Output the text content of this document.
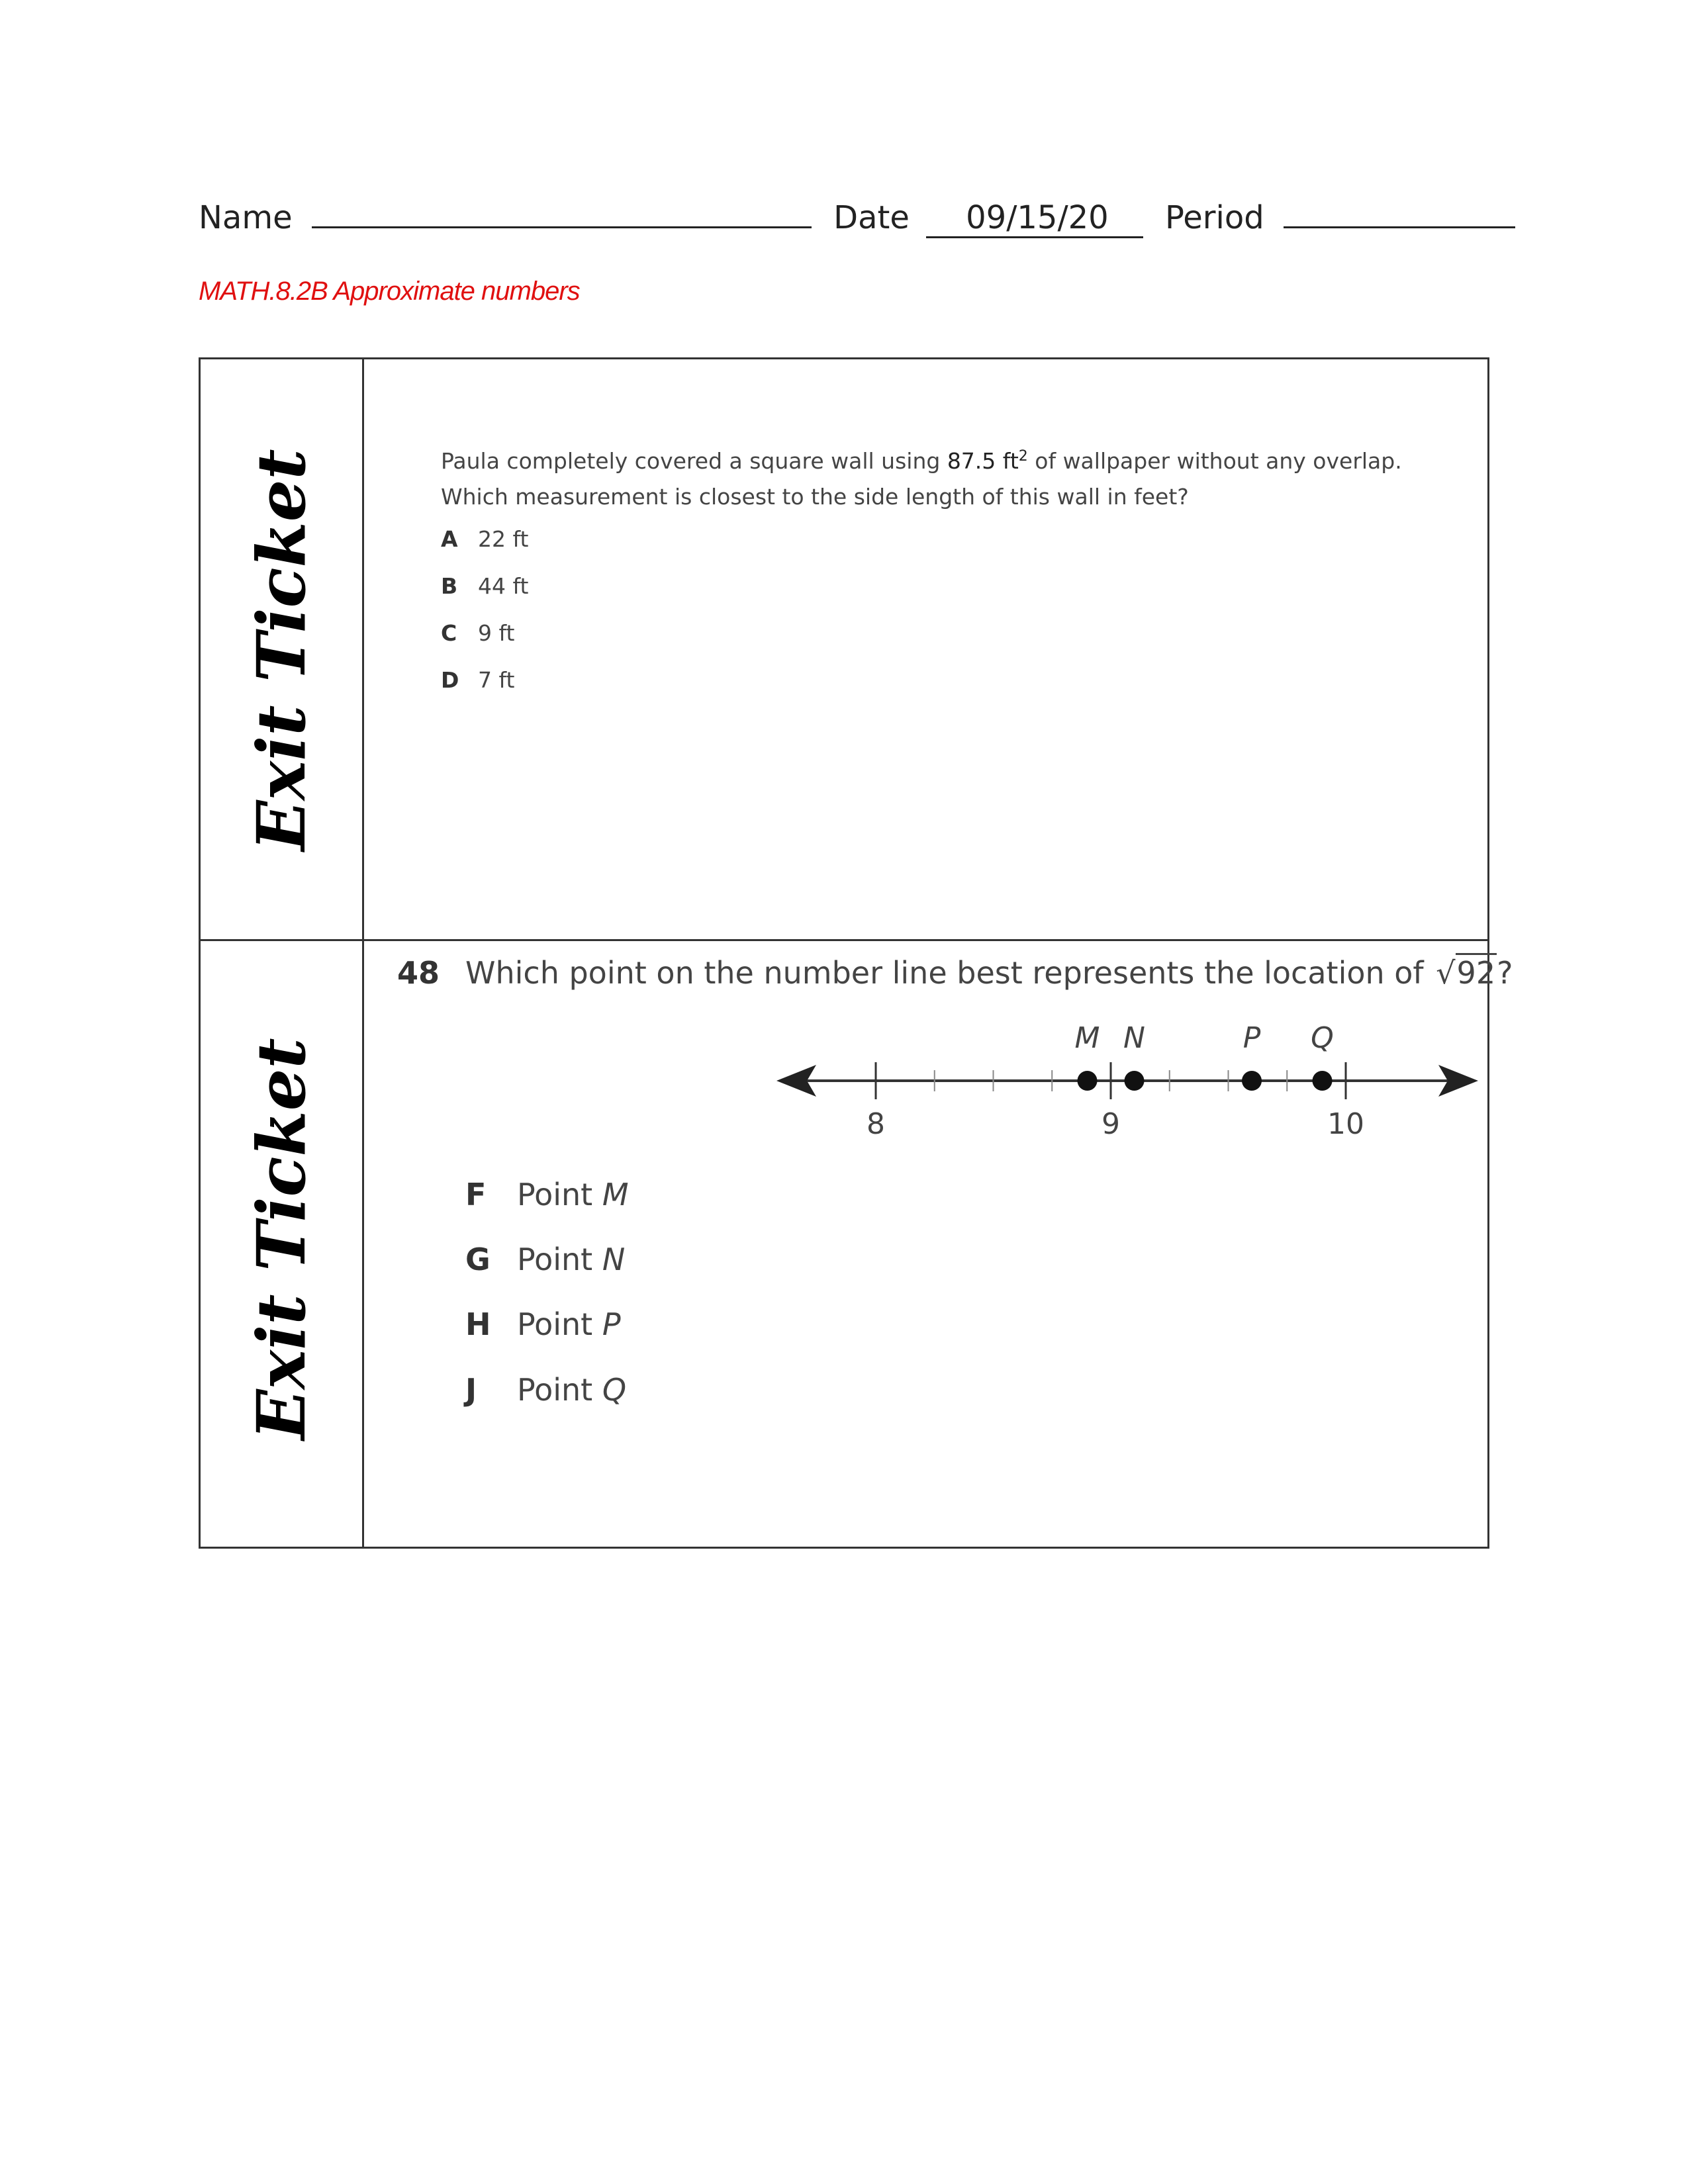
Name	Date 09/15/20 Period
MATH.8.2B Approximate numbers
Exit Ticket
Exit Ticket
Paula completely covered a square wall using 87.5 $ft^2$ of wallpaper without any overlap. Which measurement is closest to the side length of this wall in feet?
A 22 ft
B 44 ft
C 9 ft
D 7 ft
48 Which point on the number line best represents the location of √92?
8	9	10
M N	P Q
F Point M
G Point N
H Point P
J Point Q
